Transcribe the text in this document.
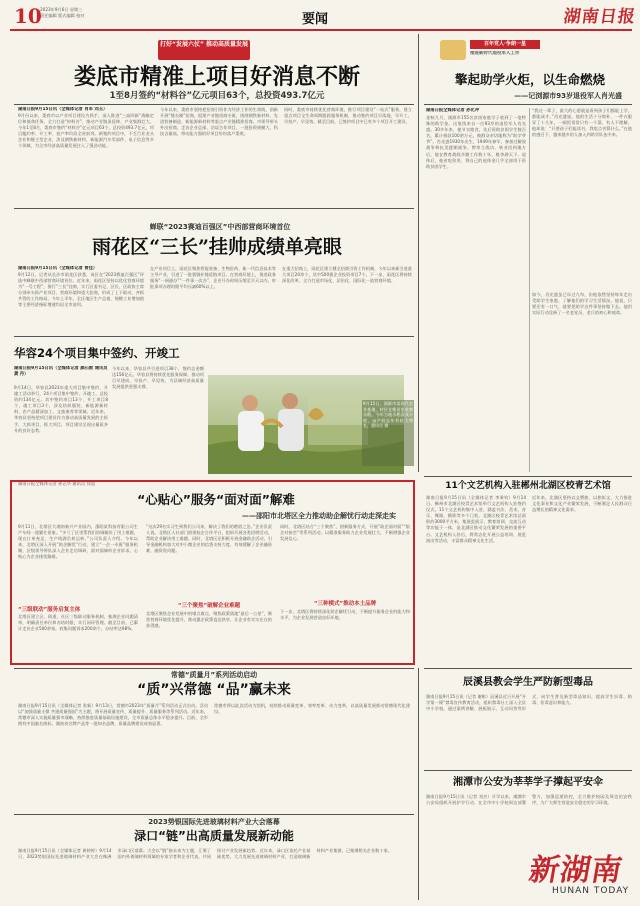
10
2023年9月6日 星期三
责任编辑 版式编辑 校对	要闻	湖南日报
打好“发展六仗” 推动高质量发展
娄底市精准上项目好消息不断
1至8月签约“材料谷”亿元项目63个，总投资493.7亿元
湖南日报9月15日讯（全媒体记者 肖军 刘玉）
9月份以来，娄底市以产业项目建设为抓手，深入推进“三高四新”战略定位和使命任务，全力打造“材料谷”，推动产业链条延伸、产业集群壮大。今年1至8月，娄底市签约“材料谷”亿元项目63个，总投资493.7亿元，项目履约率、开工率、投产率均居全省前列。新签约项目中，不乏行业龙头企业和链主型企业，涉及钢铁新材料、新能源汽车零部件、电子信息等多个领域，为全市经济高质量发展注入了强劲动能。
今年以来，娄底市坚持把招商引资作为经济工作的生命线，创新开展“链长制”招商，组建产业链招商专班，围绕钢铁新材料、先进装备制造、新能源新材料等重点产业链精准招商。市领导带头外出招商，走访企业总部，洽谈合作项目，一批投资规模大、科技含量高、带动能力强的好项目纷纷落户娄底。
同时，娄底市持续优化营商环境，推行项目建设“一站式”服务，建立重点项目全生命周期跟踪服务机制，推动签约项目早落地、早开工、早投产、早见效。截至目前，已签约项目中已有多个项目开工建设。
蝉联“2023赛迪百强区”中西部营商环境首位
雨花区“三长”挂帅成绩单亮眼
湖南日报9月15日讯（全媒体记者 曾佳）
9月12日，记者从长沙市雨花区获悉，该区在“2023赛迪百强区”评选中蝉联中西部营商环境首位。近年来，雨花区坚持以优化营商环境为“一号工程”，推行“三长”挂帅，实行区委书记、区长、区政协主席分别牵头抓产业项目、营商环境和重大招商，形成了上下联动、齐抓共管的工作格局。今年上半年，全区地区生产总值、规模工业增加值等主要经济指标增速均居全市前列。
在产业项目上，雨花区聚焦智能装备、生物医药、新一代信息技术等主导产业，引进了一批强链补链延链项目。在营商环境上，推进政务服务“一网通办”“一件事一次办”，企业开办时间压缩至半天以内，审批事项办理时限平均压减60%以上。
在重大招商上，雨花区建立健全招商引资工作机制，今年以来新引进重大项目20余个，其中500强企业投资项目7个。下一步，雨花区将持续深化改革，全力打造市场化、法治化、国际化一流营商环境。
百年党人·争朗一星
推进新时代退役军人工作
擎起助学火炬，以生命燃烧
——记浏源市93岁退役军人肖光盛
湖南日报全媒体记者 孙化冲
金秋九月，浏源市155名贫困家庭学子收到了一笔特殊的助学金。这笔钱来自一位93岁的退役军人肖光盛。30多年来，他节衣缩食，先后资助贫困学生数百名，累计捐款100余万元，被群众亲切地称为“助学爷爷”。肖光盛1930年出生，1949年参军，参加过解放战争和抗美援朝战争，曾荣立战功。转业回到地方后，他在教育战线辛勤工作数十年，桃李满天下。退休后，他省吃俭用，将自己的退休金几乎全部用于资助贫困学生。
“我这一辈子，最大的心愿就是看到孩子们都能上学，都能成才。”肖光盛说。他的生活十分简朴，一件衣服穿了十几年，一顿饭常常只有一个菜。有人不理解，他却说：“只要孩子们能读书，我吃点苦算什么。”在他的感召下，越来越多的人加入到助学队伍中来。
如今，肖光盛虽已年过九旬，但他依然坚持每年走访受助学生家庭，了解他们的学习生活情况。他说，只要还有一口气，就要把助学这件事坚持做下去。他用实际行动诠释了一名老党员、老兵的初心和使命。
华容24个项目集中签约、开竣工
湖南日报9月15日讯（全媒体记者 颜石敦 通讯员 龚 丹）
9月14日，华容县2023年重大项目集中签约、开竣工活动举行，24个项目集中签约、开竣工，总投资约134亿元。其中签约项目13个，开工项目8个，竣工项目3个，涉及纺织服装、新能源新材料、农产品精深加工、文旅康养等领域。近年来，华容县坚持把项目建设作为推动高质量发展的主抓手，大抓项目、抓大项目，项目建设呈现出量质齐升的良好态势。
今年以来，华容县共引进项目38个，签约总金额达156亿元。华容县将持续优化服务保障，推动项目早建成、早投产、早见效，为县域经济高质量发展提供坚强支撑。
9月15日，浏源市某现代农业基地，村民在稻田里收割水稻。今年当地水稻喜获丰收，亩产较去年有较大增长。通讯员 摄
“心贴心”服务“面对面”解难
——邵阳市北塔区全力推动助企解忧行动走深走实
湖南日报全媒体记者 孙志华 通讯员 徐盈
9月11日，北塔区大湘南新兴产业园内，邵阳某科技有限公司生产车间一派繁忙景象。“多亏了区里帮我们协调解决了用工难题，现在订单充足，生产线满负荷运转。”公司负责人介绍。今年以来，北塔区深入开展“助企解忧”行动，建立“一企一专班”服务机制，区级领导带队深入企业走访调研，面对面倾听企业诉求，心贴心为企业排忧解难。
“三级联动”服务启复主体
北塔区建立区、街道、社区三级联动服务机制，梳理企业问题清单，明确责任单位和办结时限，实行闭环管理。截至目前，已累计走访企业500余家，收集问题诉求200余个，办结率达98%。
“这次29名实习生到我们公司来，解决了我们的燃眉之急。”企业负责人说。北塔区人社部门搭建校企合作平台，组织开展各类招聘活动，帮助企业解决用工难题。同时，北塔区还积极开展金融助企活动，引导金融机构加大对中小微企业的信贷支持力度，有效缓解了企业融资难、融资贵问题。
“三个聚焦”破解企业难题
北塔区聚焦企业发展中的堵点难点，聚焦政策落地“最后一公里”，聚焦营商环境优化提升，推动惠企政策直达快享，让企业有实实在在的获得感。
同时，北塔区结合“三个聚焦”，创新服务方式，开展“政企面对面”“银企对接会”等系列活动，以精准服务助力企业发展壮大，不断增强企业发展信心。
“三种模式”推动本土品牌
下一步，北塔区将持续深化助企解忧行动，不断提升服务企业的能力和水平，为企业发展营造良好环境。
11个文艺机构入驻郴州北湖区校青艺术馆
湖南日报9月15日讯（全媒体记者 李秉钧）9月14日，郴州市北湖区校青艺术馆举行文艺机构入驻签约仪式，11个文艺机构集中入驻，涵盖书法、美术、音乐、舞蹈、摄影等多个门类。北湖区校青艺术馆总面积约3000平方米，集展览展示、教育培训、交流互动等功能于一体，是北湖区推动文化繁荣发展的重要平台。文艺机构入驻后，将常态化开展公益培训、展览演出等活动，丰富群众精神文化生活。
近年来，北湖区坚持以文塑旅、以旅彰文，大力推进文化事业和文化产业繁荣发展，不断满足人民群众日益增长的精神文化需求。
常德“质量月”系列活动启动
“质”兴常德 “品”赢未来
湖南日报9月15日讯（全媒体记者 张新）9月13日，常德市2023年“质量月”系列活动正式启动。活动以“加强质量支撑 共建质量强国”为主题，将开展质量宣传、质量提升、质量服务等系列活动。近年来，常德市深入实施质量强市战略，持续推进质量基础设施建设，全市质量总体水平稳步提升。目前，全市拥有中国驰名商标、湖南省名牌产品等一批知名品牌，质量品牌建设成效显著。
常德市将以此次活动为契机，持续推动质量变革、效率变革、动力变革，以高质量发展推动常德现代化建设。
2023势银国际先进玻璃材料产业大会落幕
渌口“链”出高质量发展新动能
湖南日报9月15日讯（全媒体记者 黄婷婷）9月14日，2023势银国际先进玻璃材料产业大会在株洲市渌口区落幕。大会以“链”接未来为主题，汇聚了国内外玻璃材料领域的专家学者和企业代表，共同探讨产业发展新趋势。近年来，渌口区依托产业基础优势，大力发展先进玻璃材料产业，打造玻璃新材料产业集群，已集聚相关企业数十家。
辰溪县教会学生严防新型毒品
湖南日报9月15日讯（记者 谢彬）辰溪县近日开展“开学第一课”禁毒宣传教育活动，组织禁毒社工深入全县中小学校，通过案例讲解、展板展示、互动问答等形式，向学生普及新型毒品知识，提高学生识毒、防毒、拒毒意识和能力。
湘潭市公安为莘莘学子撑起平安伞
湖南日报9月15日讯（记者 刘杰）开学以来，湘潭市公安局组织开展护学行动，在全市中小学校周边部署警力，加强巡逻防控，全力维护校园及周边治安秩序，为广大师生营造安全稳定的学习环境。
新湖南
HUNAN TODAY
